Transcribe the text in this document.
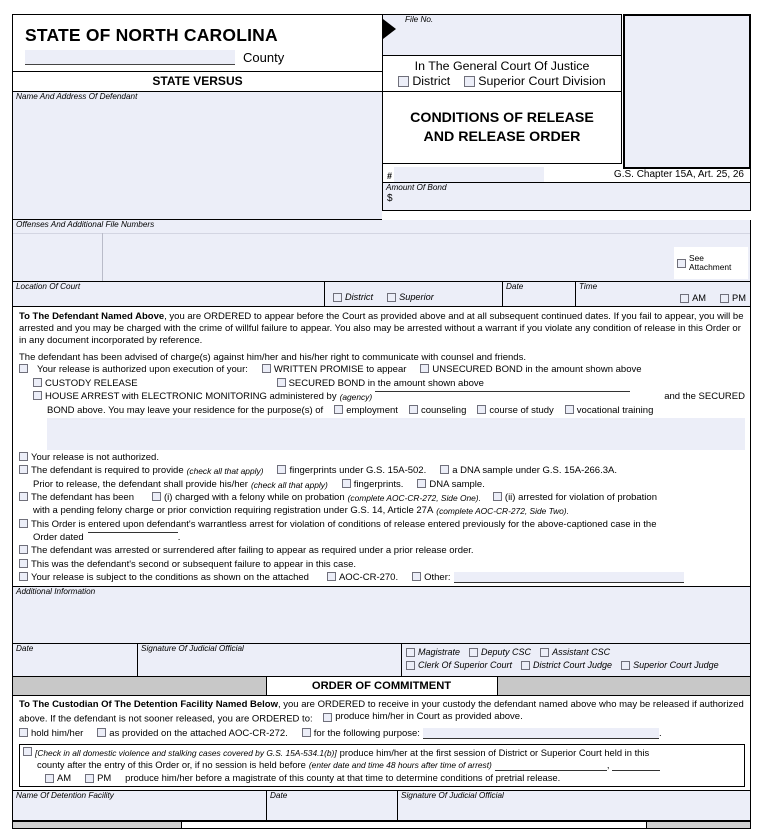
STATE OF NORTH CAROLINA
County
STATE VERSUS
Name And Address Of Defendant
File No.
In The General Court Of Justice
District Superior Court Division
CONDITIONS OF RELEASE
AND RELEASE ORDER
#	G.S. Chapter 15A, Art. 25, 26
Amount Of Bond
$
Offenses And Additional File Numbers
See
Attachment
Location Of Court
District	Superior
Date	Time
AM	PM
To The Defendant Named Above, you are ORDERED to appear before the Court as provided above and at all subsequent continued dates. If you fail to appear, you will be arrested and you may be charged with the crime of willful failure to appear. You also may be arrested without a warrant if you violate any condition of release in this Order or in any document incorporated by reference.
The defendant has been advised of charge(s) against him/her and his/her right to communicate with counsel and friends.
Your release is authorized upon execution of your:	WRITTEN PROMISE to appear	UNSECURED BOND in the amount shown above
CUSTODY RELEASE	SECURED BOND in the amount shown above
HOUSE ARREST with ELECTRONIC MONITORING administered by (agency)	and the SECURED
BOND above. You may leave your residence for the purpose(s) of employment counseling course of study vocational training
Your release is not authorized.
The defendant is required to provide (check all that apply)	fingerprints under G.S. 15A-502.	a DNA sample under G.S. 15A-266.3A.
Prior to release, the defendant shall provide his/her (check all that apply)	fingerprints.	DNA sample.
The defendant has been	(i) charged with a felony while on probation (complete AOC-CR-272, Side One).	(ii) arrested for violation of probation
with a pending felony charge or prior conviction requiring registration under G.S. 14, Article 27A (complete AOC-CR-272, Side Two).
This Order is entered upon defendant's warrantless arrest for violation of conditions of release entered previously for the above-captioned case in the
Order dated	.
The defendant was arrested or surrendered after failing to appear as required under a prior release order.
This was the defendant's second or subsequent failure to appear in this case.
Your release is subject to the conditions as shown on the attached	AOC-CR-270.	Other:
Additional Information
Date	Signature Of Judicial Official	Magistrate Deputy CSC Assistant CSC
Clerk Of Superior Court District Court Judge Superior Court Judge
ORDER OF COMMITMENT
To The Custodian Of The Detention Facility Named Below, you are ORDERED to receive in your custody the defendant named above who may be released if authorized above. If the defendant is not sooner released, you are ORDERED to: produce him/her in Court as provided above.
hold him/her	as provided on the attached AOC-CR-272.	for the following purpose:	.
[Check in all domestic violence and stalking cases covered by G.S. 15A-534.1(b)] produce him/her at the first session of District or Superior Court held in this
county after the entry of this Order or, if no session is held before (enter date and time 48 hours after time of arrest)	,
AM	PM produce him/her before a magistrate of this county at that time to determine conditions of pretrial release.
Name Of Detention Facility	Date	Signature Of Judicial Official
